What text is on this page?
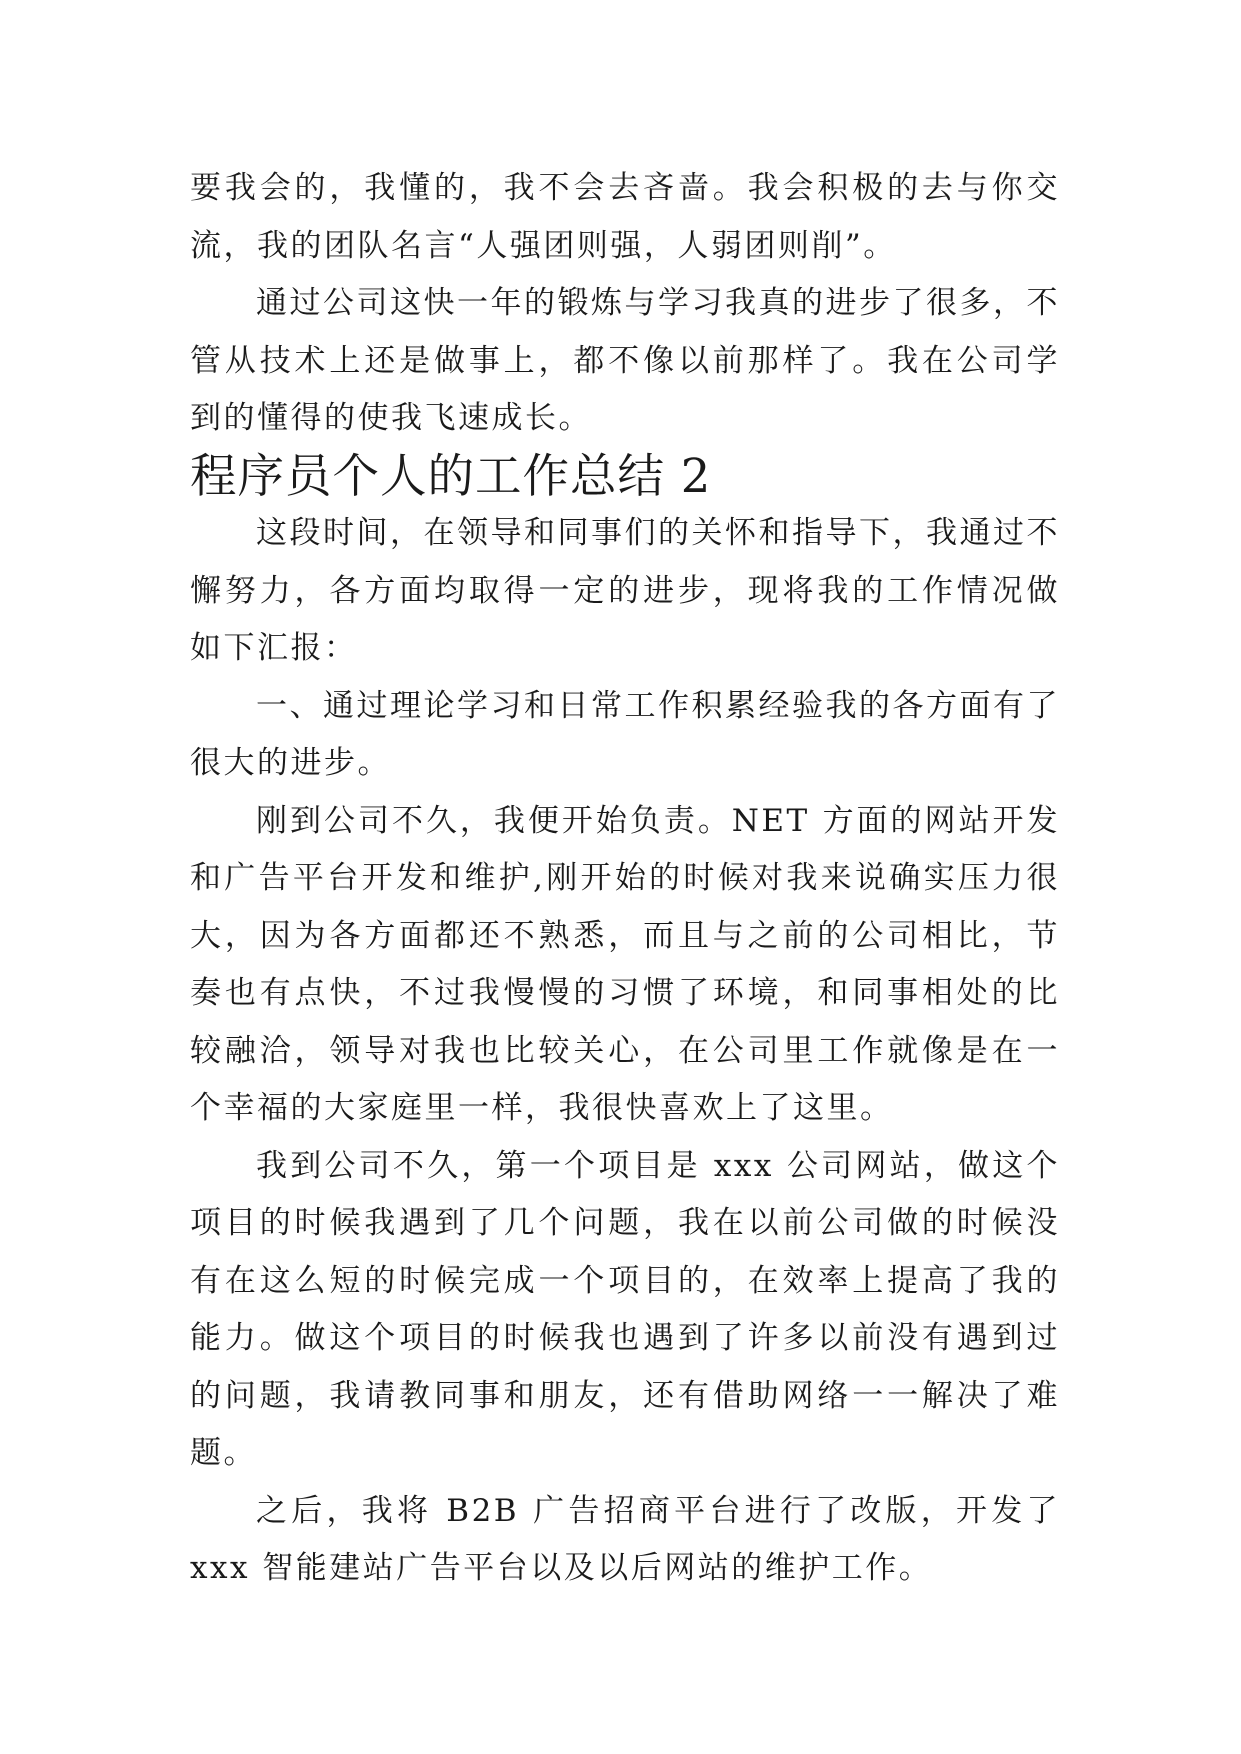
要我会的，我懂的，我不会去吝啬。我会积极的去与你交流，我的团队名言“人强团则强，人弱团则削”。

通过公司这快一年的锻炼与学习我真的进步了很多，不管从技术上还是做事上，都不像以前那样了。我在公司学到的懂得的使我飞速成长。

程序员个人的工作总结 2

这段时间，在领导和同事们的关怀和指导下，我通过不懈努力，各方面均取得一定的进步，现将我的工作情况做如下汇报：

一、通过理论学习和日常工作积累经验我的各方面有了很大的进步。

刚到公司不久，我便开始负责。NET 方面的网站开发和广告平台开发和维护,刚开始的时候对我来说确实压力很大，因为各方面都还不熟悉，而且与之前的公司相比，节奏也有点快，不过我慢慢的习惯了环境，和同事相处的比较融洽，领导对我也比较关心，在公司里工作就像是在一个幸福的大家庭里一样，我很快喜欢上了这里。

我到公司不久，第一个项目是 xxx 公司网站，做这个项目的时候我遇到了几个问题，我在以前公司做的时候没有在这么短的时候完成一个项目的，在效率上提高了我的能力。做这个项目的时候我也遇到了许多以前没有遇到过的问题，我请教同事和朋友，还有借助网络一一解决了难题。

之后，我将 B2B 广告招商平台进行了改版，开发了 xxx 智能建站广告平台以及以后网站的维护工作。
